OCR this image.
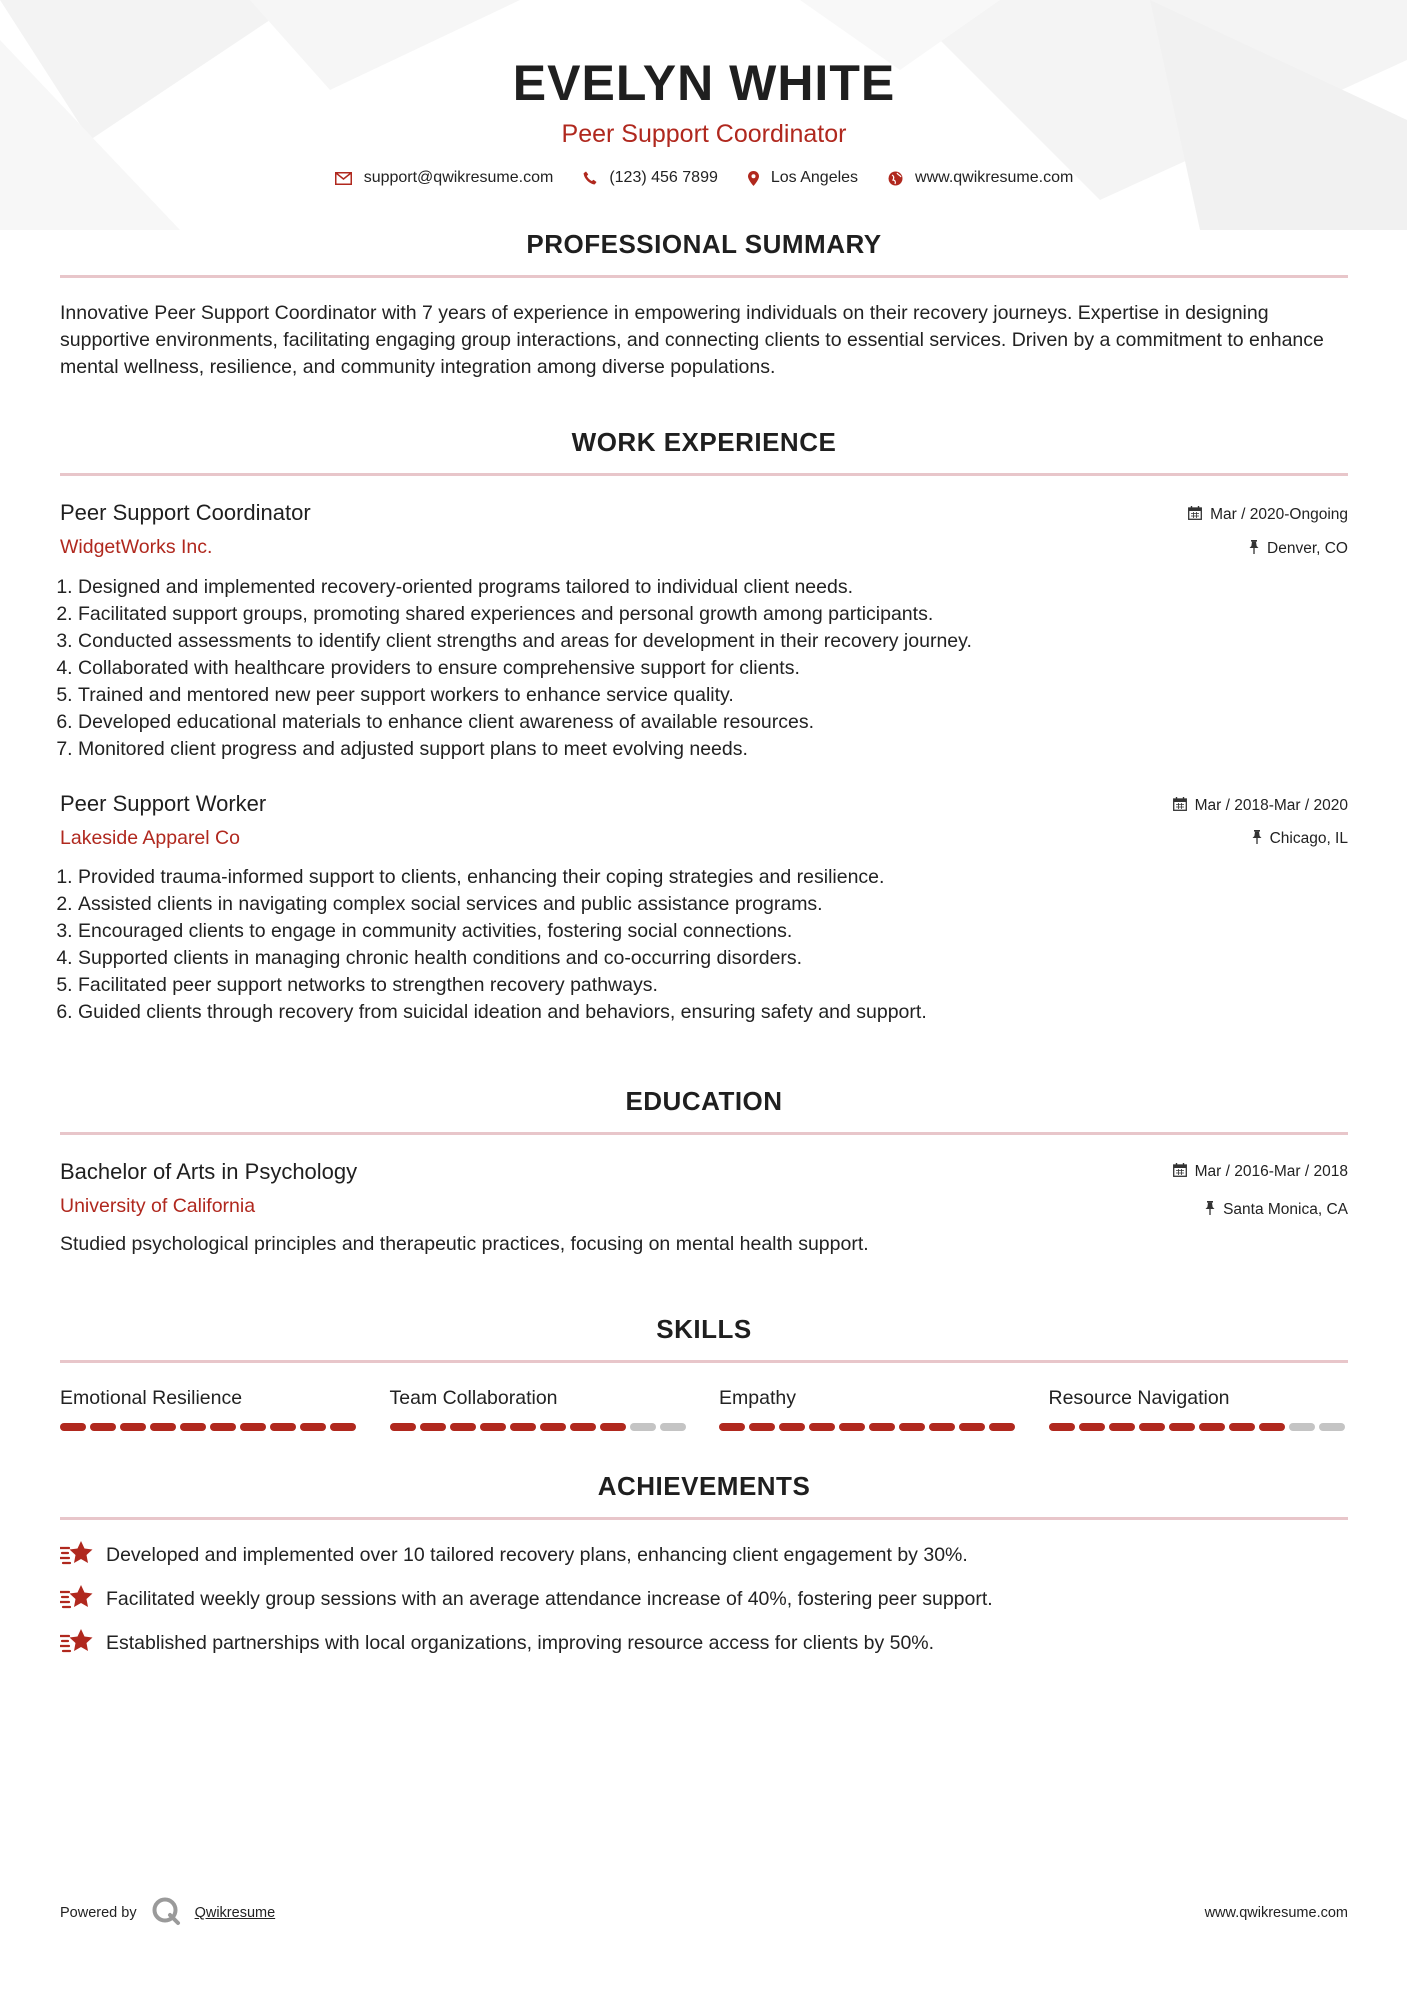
EVELYN WHITE
Peer Support Coordinator
support@qwikresume.com	(123) 456 7899	Los Angeles	www.qwikresume.com
PROFESSIONAL SUMMARY
Innovative Peer Support Coordinator with 7 years of experience in empowering individuals on their recovery journeys. Expertise in designing supportive environments, facilitating engaging group interactions, and connecting clients to essential services. Driven by a commitment to enhance mental wellness, resilience, and community integration among diverse populations.
WORK EXPERIENCE
Peer Support Coordinator
WidgetWorks Inc.
Mar / 2020-Ongoing
Denver, CO
1. Designed and implemented recovery-oriented programs tailored to individual client needs.
2. Facilitated support groups, promoting shared experiences and personal growth among participants.
3. Conducted assessments to identify client strengths and areas for development in their recovery journey.
4. Collaborated with healthcare providers to ensure comprehensive support for clients.
5. Trained and mentored new peer support workers to enhance service quality.
6. Developed educational materials to enhance client awareness of available resources.
7. Monitored client progress and adjusted support plans to meet evolving needs.
Peer Support Worker
Lakeside Apparel Co
Mar / 2018-Mar / 2020
Chicago, IL
1. Provided trauma-informed support to clients, enhancing their coping strategies and resilience.
2. Assisted clients in navigating complex social services and public assistance programs.
3. Encouraged clients to engage in community activities, fostering social connections.
4. Supported clients in managing chronic health conditions and co-occurring disorders.
5. Facilitated peer support networks to strengthen recovery pathways.
6. Guided clients through recovery from suicidal ideation and behaviors, ensuring safety and support.
EDUCATION
Bachelor of Arts in Psychology
University of California
Mar / 2016-Mar / 2018
Santa Monica, CA
Studied psychological principles and therapeutic practices, focusing on mental health support.
SKILLS
Emotional Resilience	Team Collaboration	Empathy	Resource Navigation
ACHIEVEMENTS
Developed and implemented over 10 tailored recovery plans, enhancing client engagement by 30%.
Facilitated weekly group sessions with an average attendance increase of 40%, fostering peer support.
Established partnerships with local organizations, improving resource access for clients by 50%.
Powered by	Qwikresume	www.qwikresume.com
